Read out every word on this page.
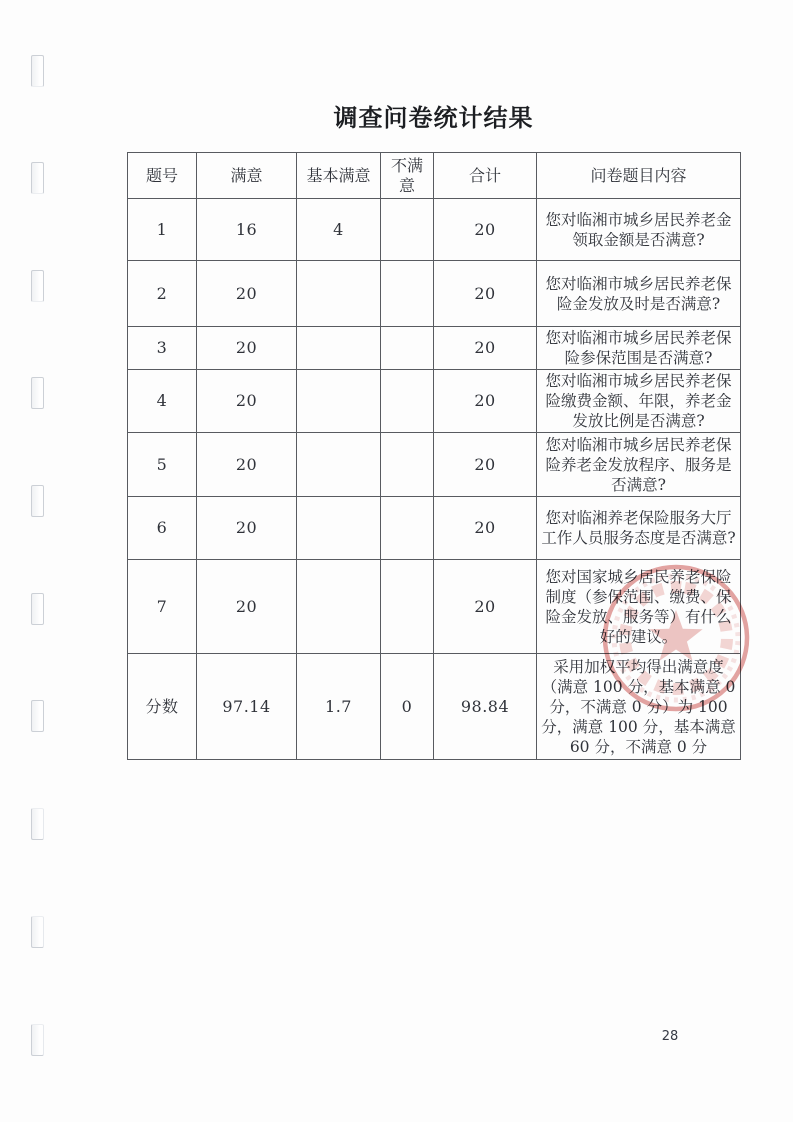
调查问卷统计结果
题号	满意	基本满意	不满意	合计	问卷题目内容
1	16	4		20	您对临湘市城乡居民养老金领取金额是否满意?
2	20			20	您对临湘市城乡居民养老保险金发放及时是否满意?
3	20			20	您对临湘市城乡居民养老保险参保范围是否满意?
4	20			20	您对临湘市城乡居民养老保险缴费金额、年限，养老金发放比例是否满意?
5	20			20	您对临湘市城乡居民养老保险养老金发放程序、服务是否满意?
6	20			20	您对临湘养老保险服务大厅工作人员服务态度是否满意?
7	20			20	您对国家城乡居民养老保险制度（参保范围、缴费、保险金发放、服务等）有什么好的建议。
分数	97.14	1.7	0	98.84	采用加权平均得出满意度（满意 100 分，基本满意 0 分，不满意 0 分）为 100 分，满意 100 分，基本满意 60 分，不满意 0 分
28
